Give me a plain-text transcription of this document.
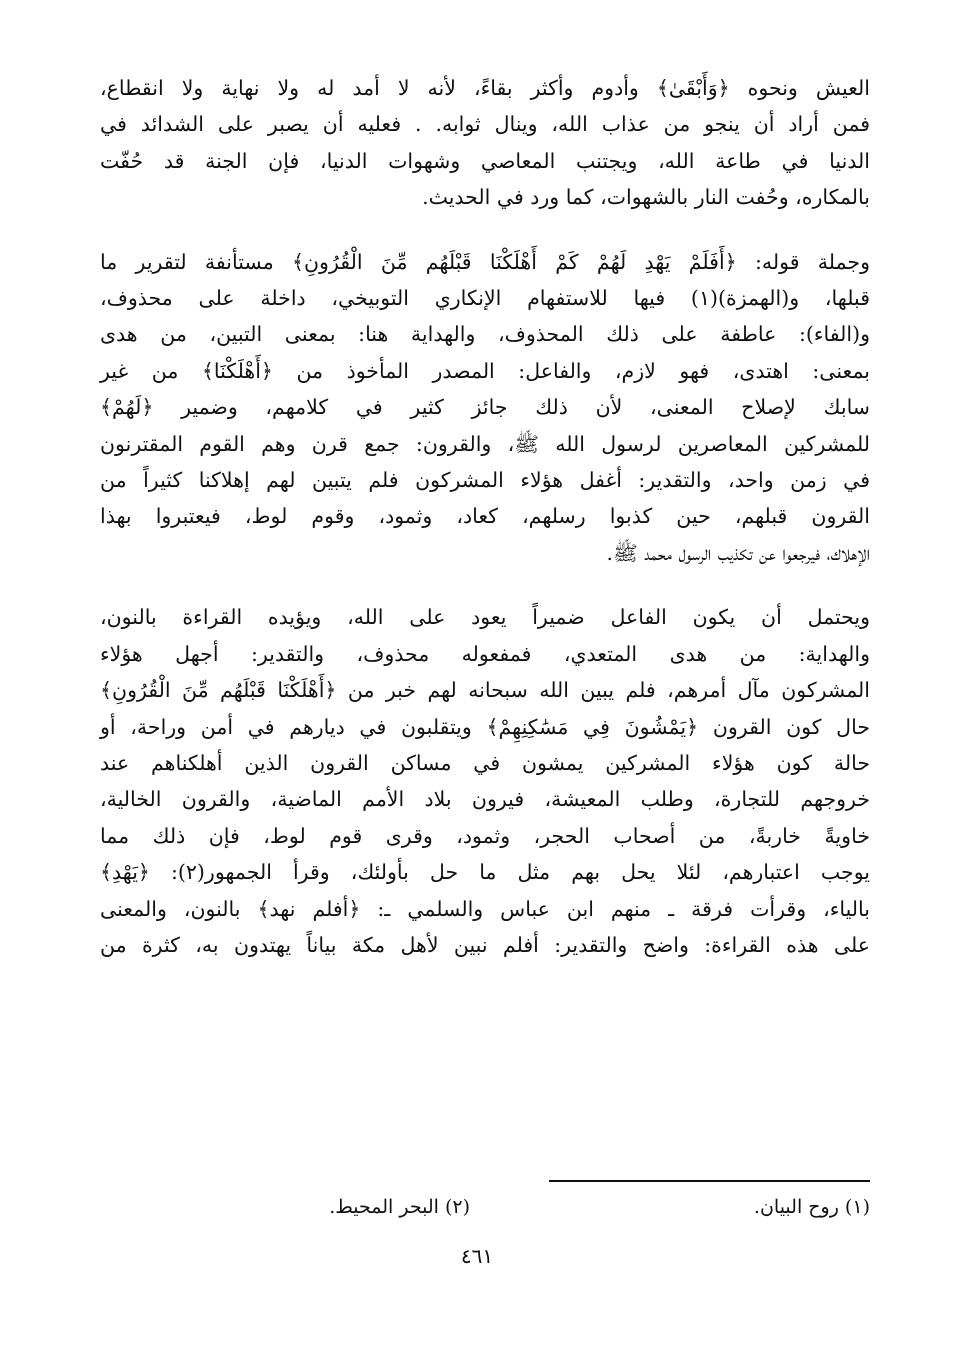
العيش ونحوه ﴿وَأَبْقَىٰ﴾ وأدوم وأكثر بقاءً، لأنه لا أمد له ولا نهاية ولا انقطاع،
فمن أراد أن ينجو من عذاب الله، وينال ثوابه. . فعليه أن يصبر على الشدائد في
الدنيا في طاعة الله، ويجتنب المعاصي وشهوات الدنيا، فإن الجنة قد حُفّت
بالمكاره، وحُفت النار بالشهوات، كما ورد في الحديث.

وجملة قوله: ﴿أَفَلَمْ يَهْدِ لَهُمْ كَمْ أَهْلَكْنَا قَبْلَهُم مِّنَ الْقُرُونِ﴾ مستأنفة لتقرير ما
قبلها، و(الهمزة)(١) فيها للاستفهام الإنكاري التوبيخي، داخلة على محذوف،
و(الفاء): عاطفة على ذلك المحذوف، والهداية هنا: بمعنى التبين، من هدى
بمعنى: اهتدى، فهو لازم، والفاعل: المصدر المأخوذ من ﴿أَهْلَكْنَا﴾ من غير
سابك لإصلاح المعنى، لأن ذلك جائز كثير في كلامهم، وضمير ﴿لَهُمْ﴾
للمشركين المعاصرين لرسول الله ﷺ، والقرون: جمع قرن وهم القوم المقترنون
في زمن واحد، والتقدير: أغفل هؤلاء المشركون فلم يتبين لهم إهلاكنا كثيراً من
القرون قبلهم، حين كذبوا رسلهم، كعاد، وثمود، وقوم لوط، فيعتبروا بهذا
الإهلاك، فيرجعوا عن تكذيب الرسول محمد ﷺ.

ويحتمل أن يكون الفاعل ضميراً يعود على الله، ويؤيده القراءة بالنون،
والهداية: من هدى المتعدي، فمفعوله محذوف، والتقدير: أجهل هؤلاء
المشركون مآل أمرهم، فلم يبين الله سبحانه لهم خبر من ﴿أَهْلَكْنَا قَبْلَهُم مِّنَ الْقُرُونِ﴾
حال كون القرون ﴿يَمْشُونَ فِي مَسَٰكِنِهِمْ﴾ ويتقلبون في ديارهم في أمن وراحة، أو
حالة كون هؤلاء المشركين يمشون في مساكن القرون الذين أهلكناهم عند
خروجهم للتجارة، وطلب المعيشة، فيرون بلاد الأمم الماضية، والقرون الخالية،
خاويةً خاربةً، من أصحاب الحجر، وثمود، وقرى قوم لوط، فإن ذلك مما
يوجب اعتبارهم، لئلا يحل بهم مثل ما حل بأولئك، وقرأ الجمهور(٢): ﴿يَهْدِ﴾
بالياء، وقرأت فرقة ـ منهم ابن عباس والسلمي ـ: ﴿أفلم نهد﴾ بالنون، والمعنى
على هذه القراءة: واضح والتقدير: أفلم نبين لأهل مكة بياناً يهتدون به، كثرة من

(١) روح البيان.
(٢) البحر المحيط.
٤٦١
